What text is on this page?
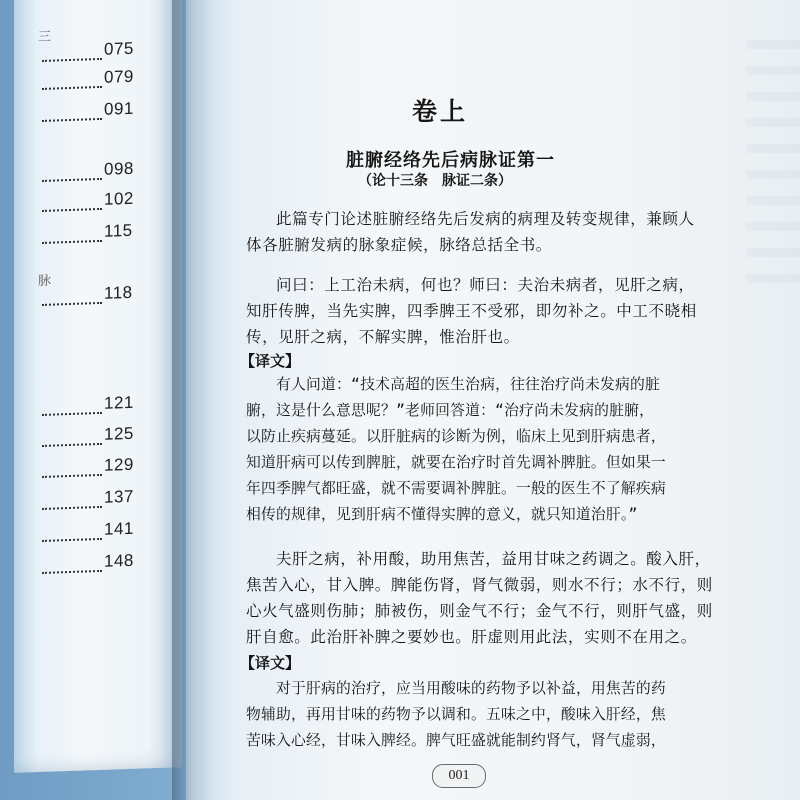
三
075
079
091
098
102
115
脉
118
121
125
129
137
141
148
卷上
脏腑经络先后病脉证第一
（论十三条　脉证二条）
此篇专门论述脏腑经络先后发病的病理及转变规律，兼顾人
体各脏腑发病的脉象症候，脉络总括全书。
问曰：上工治未病，何也？师曰：夫治未病者，见肝之病，
知肝传脾，当先实脾，四季脾王不受邪，即勿补之。中工不晓相
传，见肝之病，不解实脾，惟治肝也。
【译文】
有人问道：“技术高超的医生治病，往往治疗尚未发病的脏
腑，这是什么意思呢？”老师回答道：“治疗尚未发病的脏腑，
以防止疾病蔓延。以肝脏病的诊断为例，临床上见到肝病患者，
知道肝病可以传到脾脏，就要在治疗时首先调补脾脏。但如果一
年四季脾气都旺盛，就不需要调补脾脏。一般的医生不了解疾病
相传的规律，见到肝病不懂得实脾的意义，就只知道治肝。”
夫肝之病，补用酸，助用焦苦，益用甘味之药调之。酸入肝，
焦苦入心，甘入脾。脾能伤肾，肾气微弱，则水不行；水不行，则
心火气盛则伤肺；肺被伤，则金气不行；金气不行，则肝气盛，则
肝自愈。此治肝补脾之要妙也。肝虚则用此法，实则不在用之。
【译文】
对于肝病的治疗，应当用酸味的药物予以补益，用焦苦的药
物辅助，再用甘味的药物予以调和。五味之中，酸味入肝经，焦
苦味入心经，甘味入脾经。脾气旺盛就能制约肾气，肾气虚弱，
001
